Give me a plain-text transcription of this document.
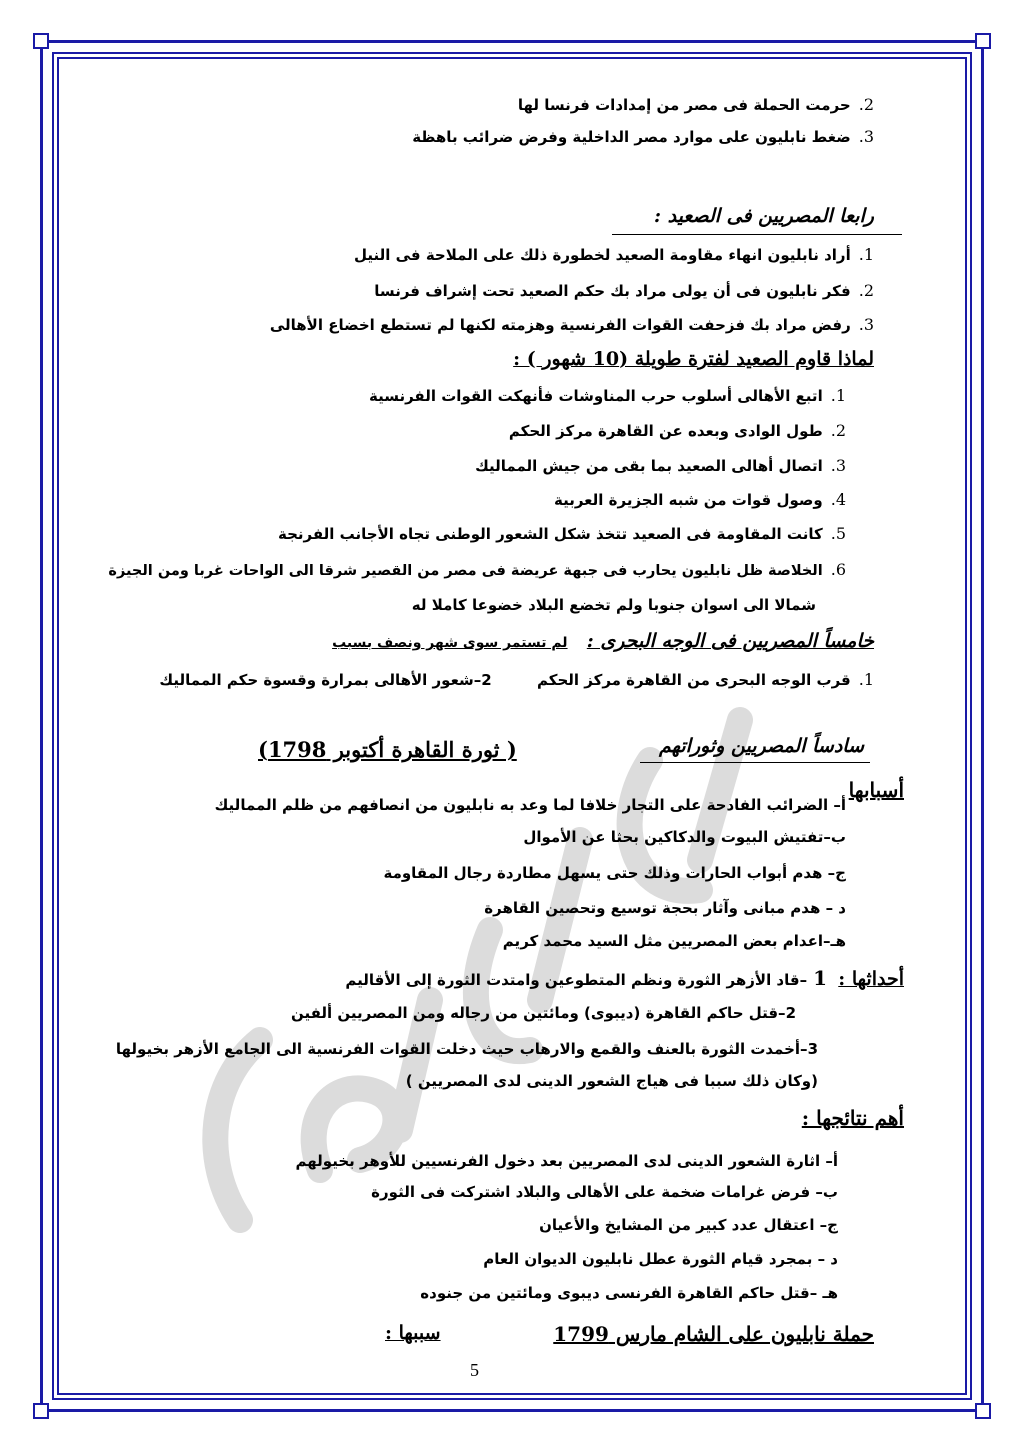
2.حرمت الحملة فى مصر من إمدادات فرنسا لها
3.ضغط نابليون على موارد مصر الداخلية وفرض ضرائب باهظة
رابعا المصريين فى الصعيد :
1.أراد نابليون انهاء مقاومة الصعيد لخطورة ذلك على الملاحة فى النيل
2.فكر نابليون فى أن يولى مراد بك حكم الصعيد تحت إشراف فرنسا
3.رفض مراد بك فزحفت القوات الفرنسية وهزمته لكنها لم تستطع اخضاع الأهالى
لماذا قاوم الصعيد لفترة طويلة (10 شهور ) :
1.اتبع الأهالى أسلوب حرب المناوشات فأنهكت القوات الفرنسية
2.طول الوادى وبعده عن القاهرة مركز الحكم
3.اتصال أهالى الصعيد بما بقى من جيش المماليك
4.وصول قوات من شبه الجزيرة العربية
5.كانت المقاومة فى الصعيد تتخذ شكل الشعور الوطنى تجاه الأجانب الفرنجة
6.الخلاصة ظل نابليون يحارب فى جبهة عريضة فى مصر من القصير شرقا الى الواحات غربا ومن الجيزة
شمالا الى اسوان جنوبا ولم تخضع البلاد خضوعا كاملا له
خامساً المصريين فى الوجه البحرى : لم تستمر سوى شهر ونصف بسبب
1.قرب الوجه البحرى من القاهرة مركز الحكم 2–شعور الأهالى بمرارة وقسوة حكم المماليك
سادساً المصريين وثوراتهم
( ثورة القاهرة أكتوبر 1798)
أسبابها
أ– الضرائب الفادحة على التجار خلافا لما وعد به نابليون من انصافهم من ظلم المماليك
ب–تفتيش البيوت والدكاكين بحثا عن الأموال
ج– هدم أبواب الحارات وذلك حتى يسهل مطاردة رجال المقاومة
د – هدم مبانى وآثار بحجة توسيع وتحصين القاهرة
هـ–اعدام بعض المصريين مثل السيد محمد كريم
أحداثها : 1–قاد الأزهر الثورة ونظم المتطوعين وامتدت الثورة إلى الأقاليم
2–قتل حاكم القاهرة (ديبوى) ومائتين من رجاله ومن المصريين ألفين
3–أخمدت الثورة بالعنف والقمع والارهاب حيث دخلت القوات الفرنسية الى الجامع الأزهر بخيولها
(وكان ذلك سببا فى هياج الشعور الدينى لدى المصريين )
أهم نتائجها :
أ– اثارة الشعور الدينى لدى المصريين بعد دخول الفرنسيين للأوهر بخيولهم
ب– فرض غرامات ضخمة على الأهالى والبلاد اشتركت فى الثورة
ج– اعتقال عدد كبير من المشايخ والأعيان
د – بمجرد قيام الثورة عطل نابليون الديوان العام
هـ –قتل حاكم القاهرة الفرنسى ديبوى ومائتين من جنوده
حملة نابليون على الشام مارس 1799
سببها :
5
